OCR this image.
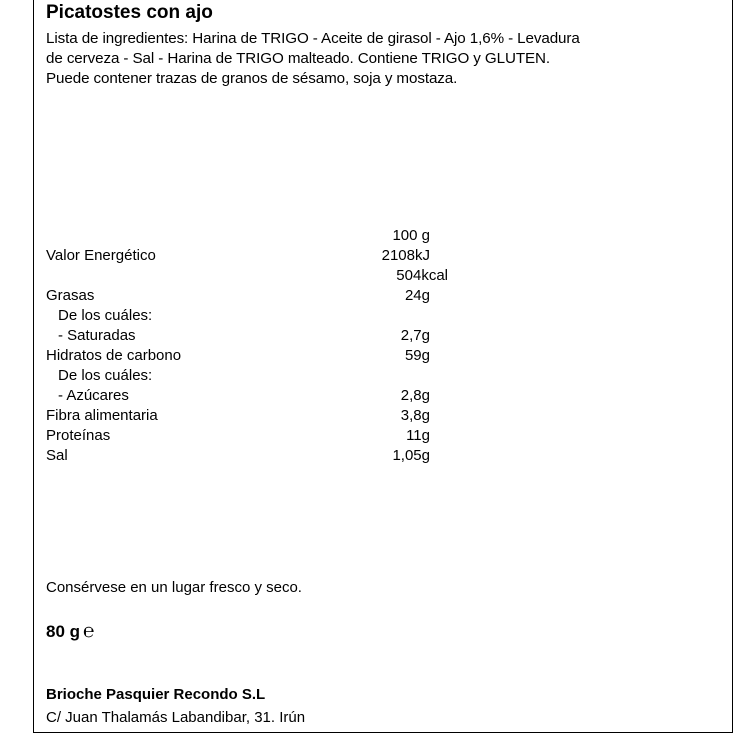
Picatostes con ajo
Lista de ingredientes: Harina de TRIGO - Aceite de girasol - Ajo 1,6% - Levadura
de cerveza - Sal - Harina de TRIGO malteado. Contiene TRIGO y GLUTEN.
Puede contener trazas de granos de sésamo, soja y mostaza.
100 g
Valor Energético	2108kJ
504kcal
Grasas	24g
De los cuáles:
- Saturadas	2,7g
Hidratos de carbono	59g
De los cuáles:
- Azúcares	2,8g
Fibra alimentaria	3,8g
Proteínas	11g
Sal	1,05g
Consérvese en un lugar fresco y seco.
80 g ℮
Brioche Pasquier Recondo S.L
C/ Juan Thalamás Labandibar, 31. Irún
